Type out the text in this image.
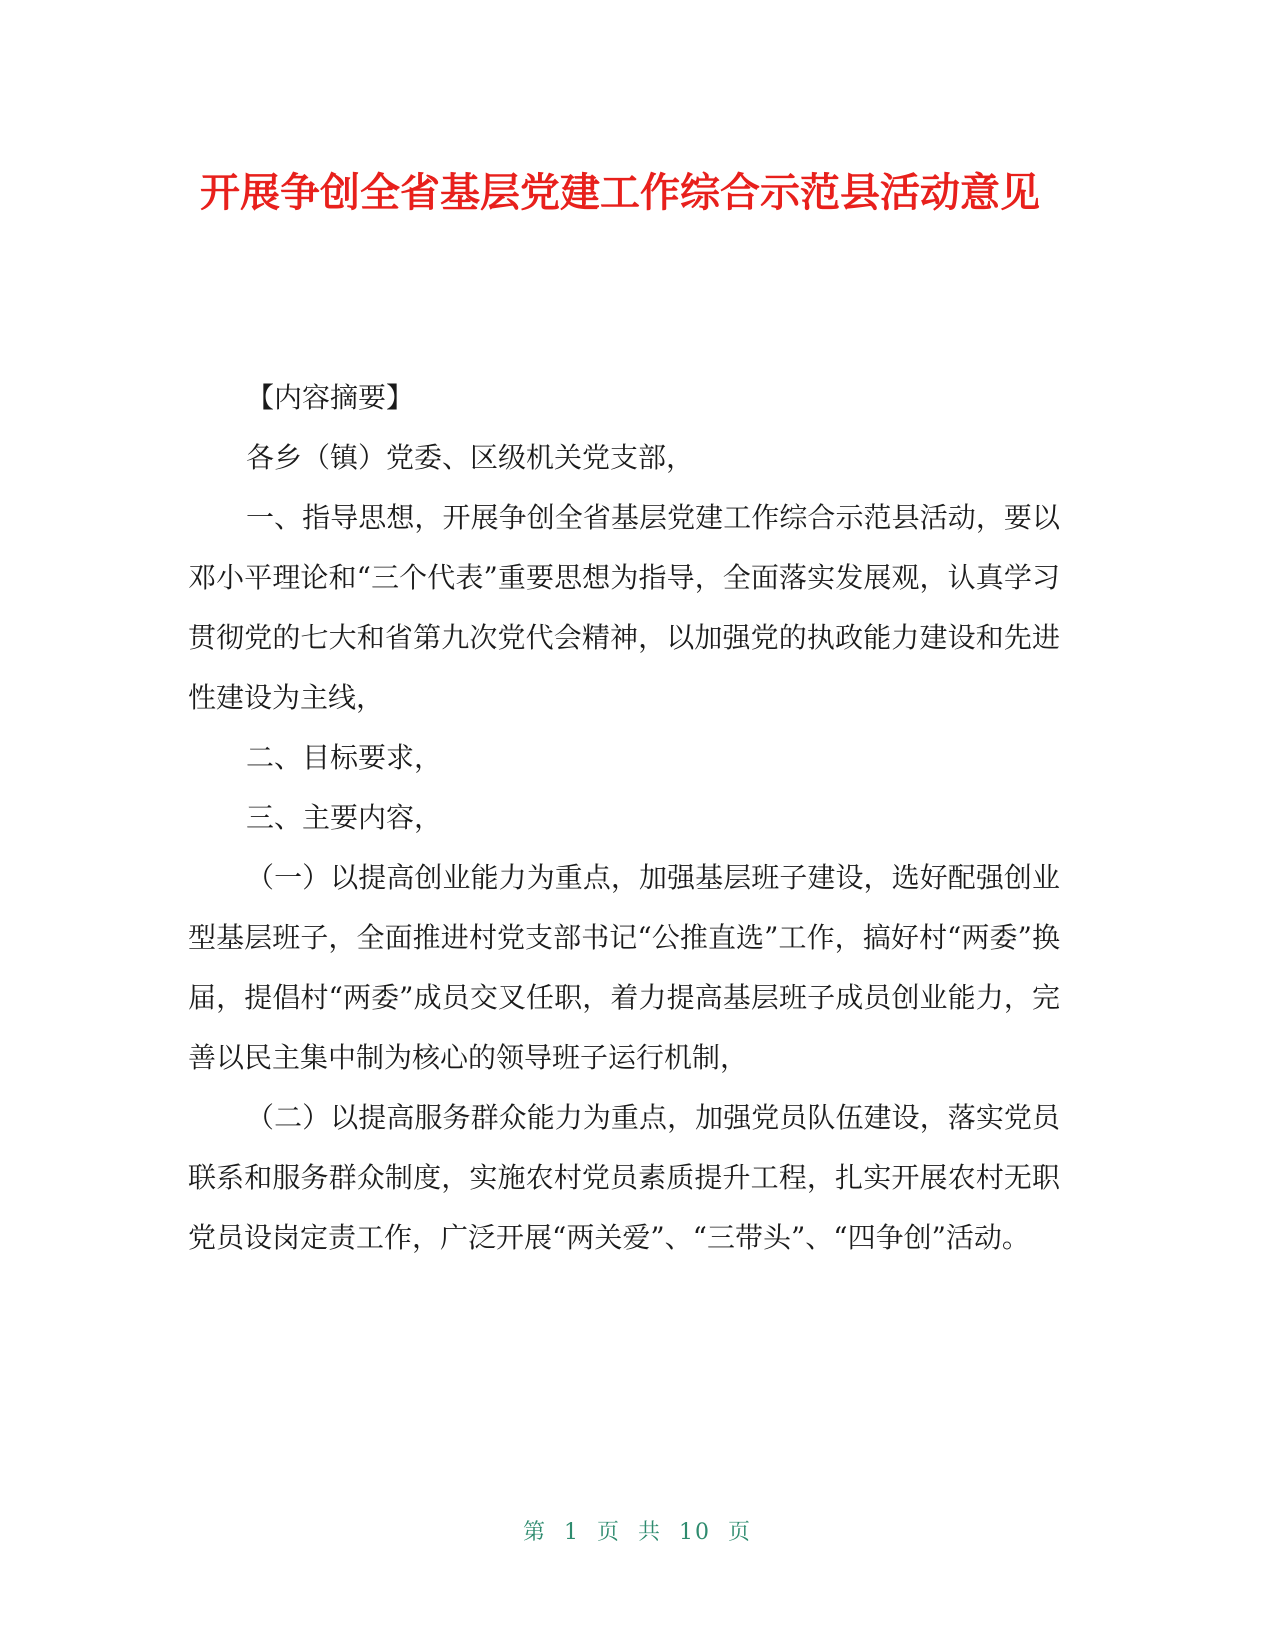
开展争创全省基层党建工作综合示范县活动意见

【内容摘要】

各乡（镇）党委、区级机关党支部，

一、指导思想，开展争创全省基层党建工作综合示范县活动，要以邓小平理论和“三个代表”重要思想为指导，全面落实发展观，认真学习贯彻党的七大和省第九次党代会精神，以加强党的执政能力建设和先进性建设为主线，

二、目标要求，

三、主要内容，

（一）以提高创业能力为重点，加强基层班子建设，选好配强创业型基层班子，全面推进村党支部书记“公推直选”工作，搞好村“两委”换届，提倡村“两委”成员交叉任职，着力提高基层班子成员创业能力，完善以民主集中制为核心的领导班子运行机制，

（二）以提高服务群众能力为重点，加强党员队伍建设，落实党员联系和服务群众制度，实施农村党员素质提升工程，扎实开展农村无职党员设岗定责工作，广泛开展“两关爱”、“三带头”、“四争创”活动。

第 1 页 共 10 页
